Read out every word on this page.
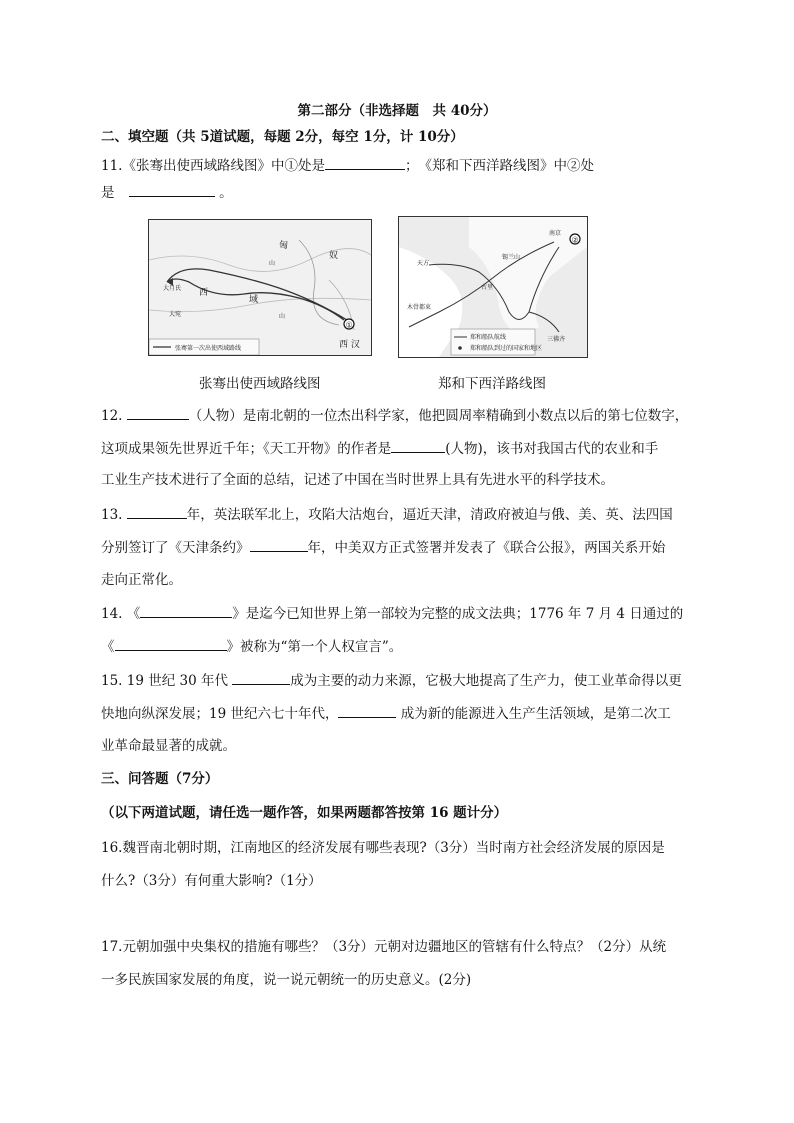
第二部分（非选择题　共 40分）
二、填空题（共 5道试题，每题 2分，每空 1分，计 10分）
11.《张骞出使西域路线图》中①处是	；　《郑和下西洋路线图》中②处
是	。
匈
奴
西
域
大月氏
大宛
山
山
①
西 汉
张骞第一次出使西域路线
南京
②
天方
木骨都束
古里
锡兰山
三佛齐
郑和船队航线
郑和船队到过的国家和地区
张骞出使西域路线图	郑和下西洋路线图
12.	（人物）是南北朝的一位杰出科学家，他把圆周率精确到小数点以后的第七位数字，
这项成果领先世界近千年；《天工开物》的作者是	(人物)，该书对我国古代的农业和手
工业生产技术进行了全面的总结，记述了中国在当时世界上具有先进水平的科学技术。
13.	年，英法联军北上，攻陷大沽炮台，逼近天津，清政府被迫与俄、美、英、法四国
分别签订了《天津条约》	年，中美双方正式签署并发表了《联合公报》，两国关系开始
走向正常化。
14. 《	》是迄今已知世界上第一部较为完整的成文法典；1776 年 7 月 4 日通过的
《	》被称为“第一个人权宣言”。
15. 19 世纪 30 年代	成为主要的动力来源，它极大地提高了生产力，使工业革命得以更
快地向纵深发展；19 世纪六七十年代，	成为新的能源进入生产生活领域，是第二次工
业革命最显著的成就。
三、问答题（7分）
（以下两道试题，请任选一题作答，如果两题都答按第 16 题计分）
16.魏晋南北朝时期，江南地区的经济发展有哪些表现?（3分）当时南方社会经济发展的原因是
什么?（3分）有何重大影响?（1分）
17.元朝加强中央集权的措施有哪些？（3分）元朝对边疆地区的管辖有什么特点？（2分）从统
一多民族国家发展的角度，说一说元朝统一的历史意义。(2分)
